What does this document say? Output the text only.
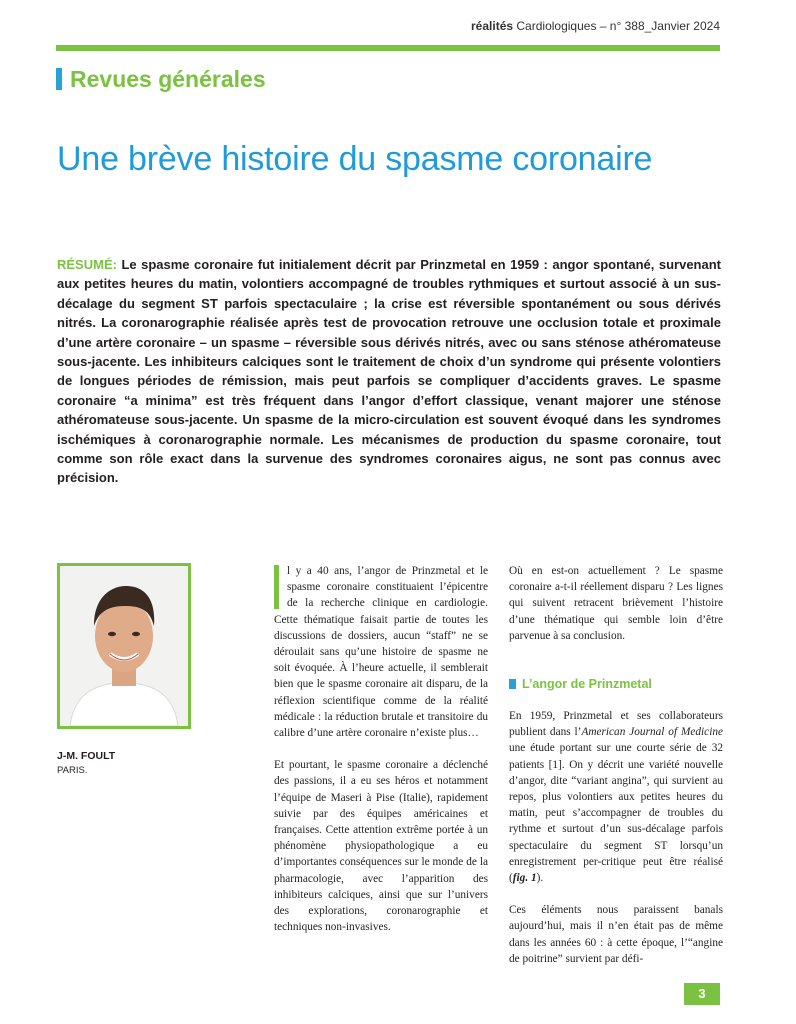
réalités Cardiologiques – n° 388_Janvier 2024
Revues générales
Une brève histoire du spasme coronaire
RÉSUMÉ: Le spasme coronaire fut initialement décrit par Prinzmetal en 1959 : angor spontané, survenant aux petites heures du matin, volontiers accompagné de troubles rythmiques et surtout associé à un sus-décalage du segment ST parfois spectaculaire ; la crise est réversible spontanément ou sous dérivés nitrés. La coronarographie réalisée après test de provocation retrouve une occlusion totale et proximale d’une artère coronaire – un spasme – réversible sous dérivés nitrés, avec ou sans sténose athéromateuse sous-jacente. Les inhibiteurs calciques sont le traitement de choix d’un syndrome qui présente volontiers de longues périodes de rémission, mais peut parfois se compliquer d’accidents graves. Le spasme coronaire “a minima” est très fréquent dans l’angor d’effort classique, venant majorer une sténose athéromateuse sous-jacente. Un spasme de la micro-circulation est souvent évoqué dans les syndromes ischémiques à coronarographie normale. Les mécanismes de production du spasme coronaire, tout comme son rôle exact dans la survenue des syndromes coronaires aigus, ne sont pas connus avec précision.
J-M. FOULT
PARIS.

l y a 40 ans, l’angor de Prinzmetal et le spasme coronaire constituaient l’épicentre de la recherche clinique en cardiologie. Cette thématique faisait partie de toutes les discussions de dossiers, aucun “staff” ne se déroulait sans qu’une histoire de spasme ne soit évoquée. À l’heure actuelle, il semblerait bien que le spasme coronaire ait disparu, de la réflexion scientifique comme de la réalité médicale : la réduction brutale et transitoire du calibre d’une artère coronaire n’existe plus…

Et pourtant, le spasme coronaire a déclenché des passions, il a eu ses héros et notamment l’équipe de Maseri à Pise (Italie), rapidement suivie par des équipes américaines et françaises. Cette attention extrême portée à un phénomène physiopathologique a eu d’importantes conséquences sur le monde de la pharmacologie, avec l’apparition des inhibiteurs calciques, ainsi que sur l’univers des explorations, coronarographie et techniques non-invasives.

Où en est-on actuellement ? Le spasme coronaire a-t-il réellement disparu ? Les lignes qui suivent retracent brièvement l’histoire d’une thématique qui semble loin d’être parvenue à sa conclusion.

L’angor de Prinzmetal

En 1959, Prinzmetal et ses collaborateurs publient dans l’American Journal of Medicine une étude portant sur une courte série de 32 patients [1]. On y décrit une variété nouvelle d’angor, dite “variant angina”, qui survient au repos, plus volontiers aux petites heures du matin, peut s’accompagner de troubles du rythme et surtout d’un sus-décalage parfois spectaculaire du segment ST lorsqu’un enregistrement per-critique peut être réalisé (fig. 1).

Ces éléments nous paraissent banals aujourd’hui, mais il n’en était pas de même dans les années 60 : à cette époque, l’“angine de poitrine” survient par défi-

3
